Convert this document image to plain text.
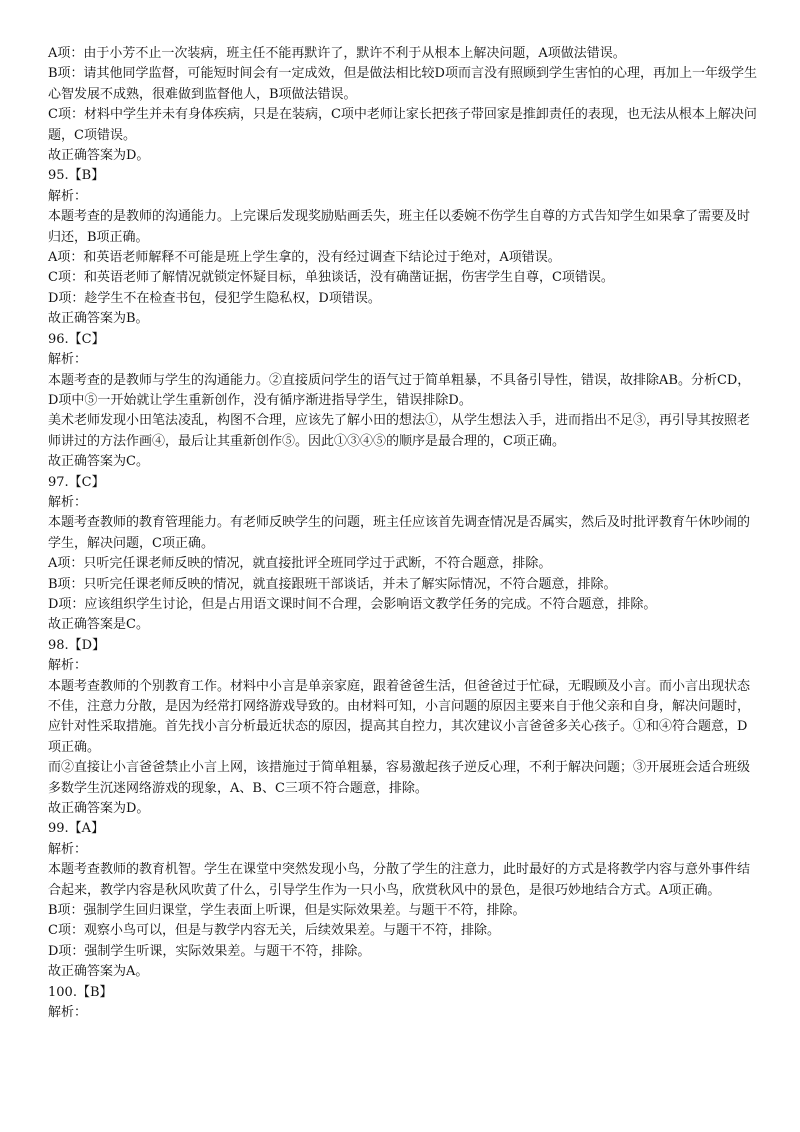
A项：由于小芳不止一次装病，班主任不能再默许了，默许不利于从根本上解决问题，A项做法错误。

B项：请其他同学监督，可能短时间会有一定成效，但是做法相比较D项而言没有照顾到学生害怕的心理，再加上一年级学生心智发展不成熟，很难做到监督他人，B项做法错误。

C项：材料中学生并未有身体疾病，只是在装病，C项中老师让家长把孩子带回家是推卸责任的表现，也无法从根本上解决问题，C项错误。

故正确答案为D。

95.【B】

解析：

本题考查的是教师的沟通能力。上完课后发现奖励贴画丢失，班主任以委婉不伤学生自尊的方式告知学生如果拿了需要及时归还，B项正确。

A项：和英语老师解释不可能是班上学生拿的，没有经过调查下结论过于绝对，A项错误。

C项：和英语老师了解情况就锁定怀疑目标，单独谈话，没有确凿证据，伤害学生自尊，C项错误。

D项：趁学生不在检查书包，侵犯学生隐私权，D项错误。

故正确答案为B。

96.【C】

解析：

本题考查的是教师与学生的沟通能力。②直接质问学生的语气过于简单粗暴，不具备引导性，错误，故排除AB。分析CD，D项中⑤一开始就让学生重新创作，没有循序渐进指导学生，错误排除D。

美术老师发现小田笔法凌乱，构图不合理，应该先了解小田的想法①，从学生想法入手，进而指出不足③，再引导其按照老师讲过的方法作画④，最后让其重新创作⑤。因此①③④⑤的顺序是最合理的，C项正确。

故正确答案为C。

97.【C】

解析：

本题考查教师的教育管理能力。有老师反映学生的问题，班主任应该首先调查情况是否属实，然后及时批评教育午休吵闹的学生，解决问题，C项正确。

A项：只听完任课老师反映的情况，就直接批评全班同学过于武断，不符合题意，排除。

B项：只听完任课老师反映的情况，就直接跟班干部谈话，并未了解实际情况，不符合题意，排除。

D项：应该组织学生讨论，但是占用语文课时间不合理，会影响语文教学任务的完成。不符合题意，排除。

故正确答案是C。

98.【D】

解析：

本题考查教师的个别教育工作。材料中小言是单亲家庭，跟着爸爸生活，但爸爸过于忙碌，无暇顾及小言。而小言出现状态不佳，注意力分散，是因为经常打网络游戏导致的。由材料可知，小言问题的原因主要来自于他父亲和自身，解决问题时，应针对性采取措施。首先找小言分析最近状态的原因，提高其自控力，其次建议小言爸爸多关心孩子。①和④符合题意，D项正确。

而②直接让小言爸爸禁止小言上网，该措施过于简单粗暴，容易激起孩子逆反心理，不利于解决问题；③开展班会适合班级多数学生沉迷网络游戏的现象，A、B、C三项不符合题意，排除。

故正确答案为D。

99.【A】

解析：

本题考查教师的教育机智。学生在课堂中突然发现小鸟，分散了学生的注意力，此时最好的方式是将教学内容与意外事件结合起来，教学内容是秋风吹黄了什么，引导学生作为一只小鸟，欣赏秋风中的景色，是很巧妙地结合方式。A项正确。

B项：强制学生回归课堂，学生表面上听课，但是实际效果差。与题干不符，排除。

C项：观察小鸟可以，但是与教学内容无关，后续效果差。与题干不符，排除。

D项：强制学生听课，实际效果差。与题干不符，排除。

故正确答案为A。

100.【B】

解析：
